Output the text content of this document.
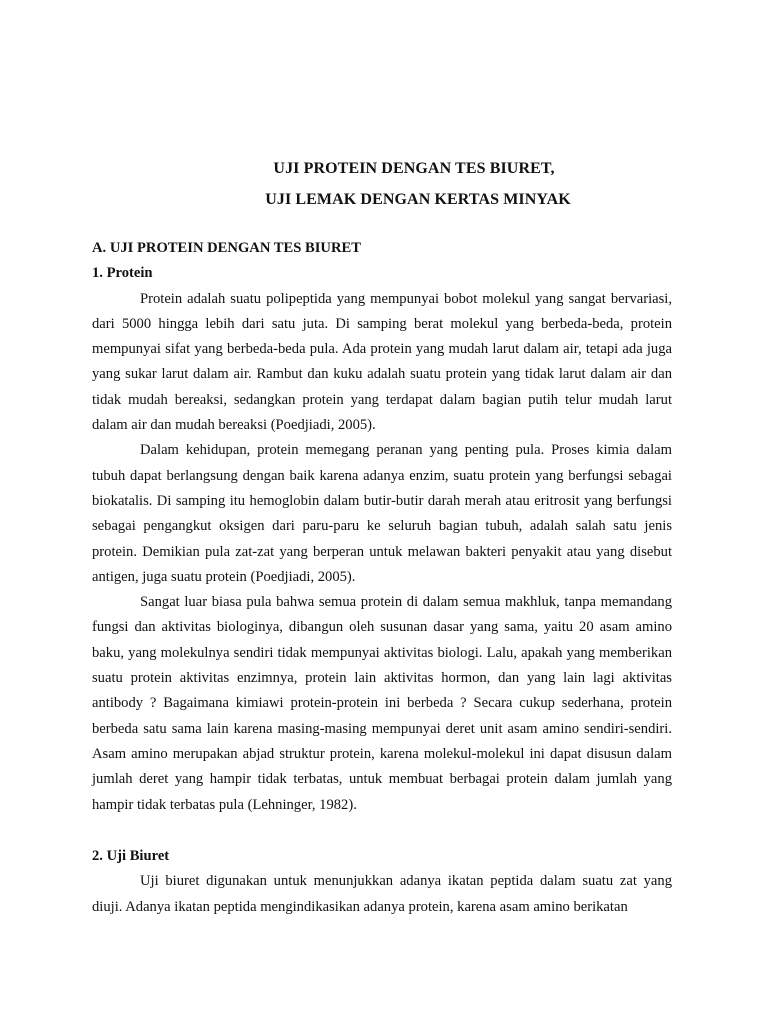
UJI PROTEIN DENGAN TES BIURET,
UJI LEMAK DENGAN KERTAS MINYAK

A. UJI PROTEIN DENGAN TES BIURET

1. Protein

Protein adalah suatu polipeptida yang mempunyai bobot molekul yang sangat bervariasi, dari 5000 hingga lebih dari satu juta. Di samping berat molekul yang berbeda-beda, protein mempunyai sifat yang berbeda-beda pula. Ada protein yang mudah larut dalam air, tetapi ada juga yang sukar larut dalam air. Rambut dan kuku adalah suatu protein yang tidak larut dalam air dan tidak mudah bereaksi, sedangkan protein yang terdapat dalam bagian putih telur mudah larut dalam air dan mudah bereaksi (Poedjiadi, 2005).

Dalam kehidupan, protein memegang peranan yang penting pula. Proses kimia dalam tubuh dapat berlangsung dengan baik karena adanya enzim, suatu protein yang berfungsi sebagai biokatalis. Di samping itu hemoglobin dalam butir-butir darah merah atau eritrosit yang berfungsi sebagai pengangkut oksigen dari paru-paru ke seluruh bagian tubuh, adalah salah satu jenis protein. Demikian pula zat-zat yang berperan untuk melawan bakteri penyakit atau yang disebut antigen, juga suatu protein (Poedjiadi, 2005).

Sangat luar biasa pula bahwa semua protein di dalam semua makhluk, tanpa memandang fungsi dan aktivitas biologinya, dibangun oleh susunan dasar yang sama, yaitu 20 asam amino baku, yang molekulnya sendiri tidak mempunyai aktivitas biologi. Lalu, apakah yang memberikan suatu protein aktivitas enzimnya, protein lain aktivitas hormon, dan yang lain lagi aktivitas antibody ? Bagaimana kimiawi protein-protein ini berbeda ? Secara cukup sederhana, protein berbeda satu sama lain karena masing-masing mempunyai deret unit asam amino sendiri-sendiri. Asam amino merupakan abjad struktur protein, karena molekul-molekul ini dapat disusun dalam jumlah deret yang hampir tidak terbatas, untuk membuat berbagai protein dalam jumlah yang hampir tidak terbatas pula (Lehninger, 1982).

2. Uji Biuret

Uji biuret digunakan untuk menunjukkan adanya ikatan peptida dalam suatu zat yang diuji. Adanya ikatan peptida mengindikasikan adanya protein, karena asam amino berikatan
